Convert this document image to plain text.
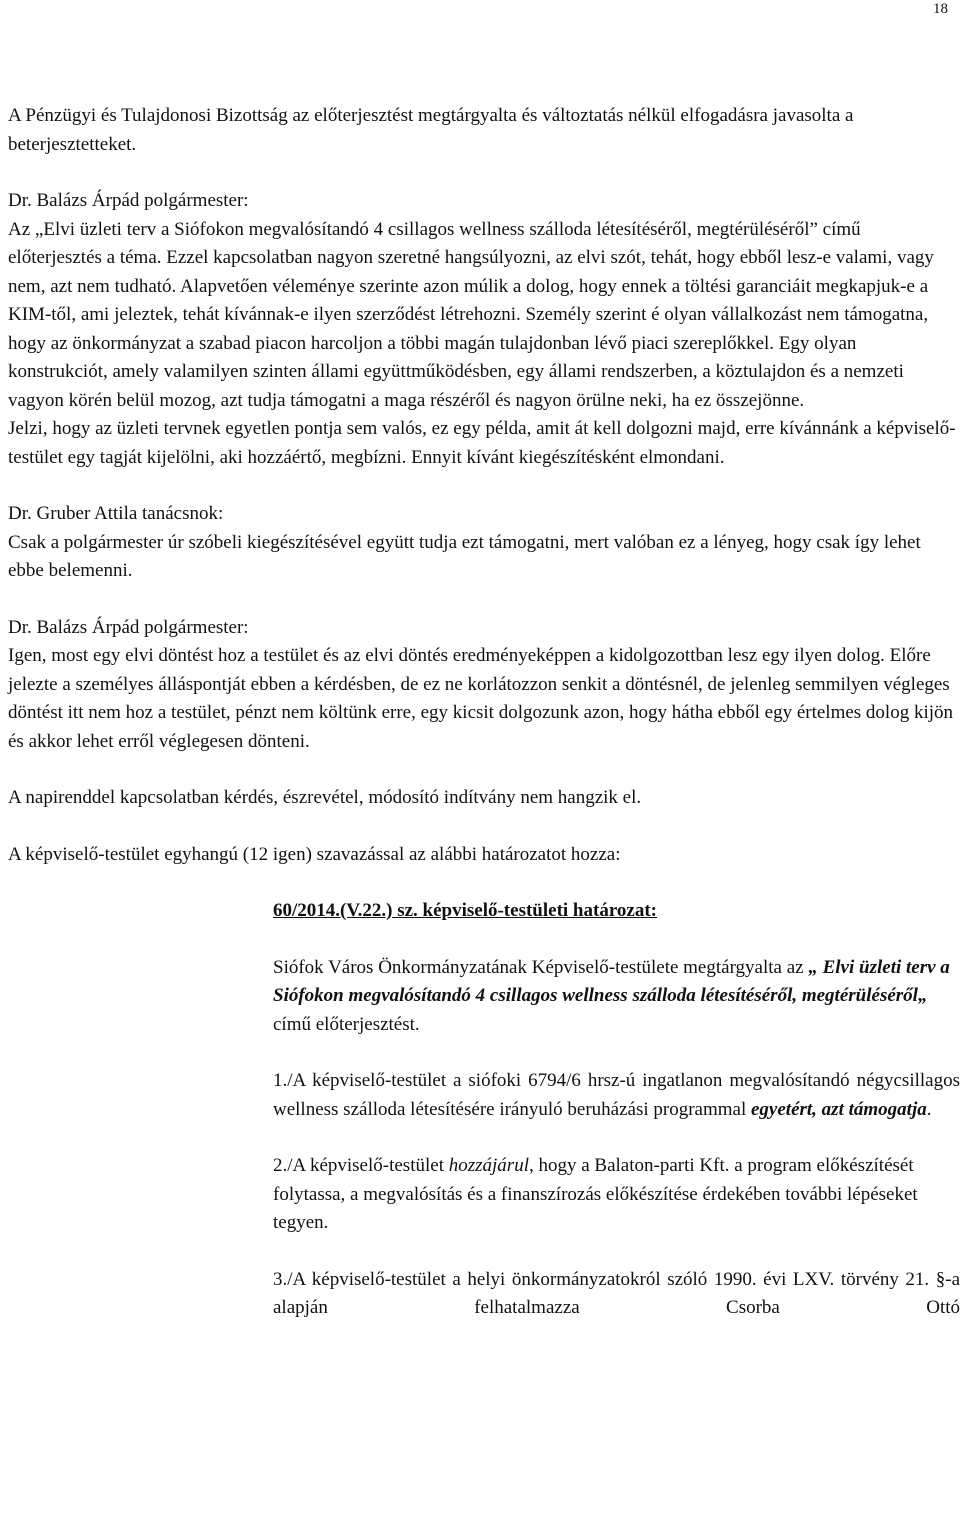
18

A Pénzügyi és Tulajdonosi Bizottság az előterjesztést megtárgyalta és változtatás nélkül elfogadásra javasolta a beterjesztetteket.

Dr. Balázs Árpád polgármester:

Az „Elvi üzleti terv a Siófokon megvalósítandó 4 csillagos wellness szálloda létesítéséről, megtérüléséről” című előterjesztés a téma. Ezzel kapcsolatban nagyon szeretné hangsúlyozni, az elvi szót, tehát, hogy ebből lesz-e valami, vagy nem, azt nem tudható. Alapvetően véleménye szerinte azon múlik a dolog, hogy ennek a töltési garanciáit megkapjuk-e a KIM-től, ami jeleztek, tehát kívánnak-e ilyen szerződést létrehozni. Személy szerint é olyan vállalkozást nem támogatna, hogy az önkormányzat a szabad piacon harcoljon a többi magán tulajdonban lévő piaci szereplőkkel. Egy olyan konstrukciót, amely valamilyen szinten állami együttműködésben, egy állami rendszerben, a köztulajdon és a nemzeti vagyon körén belül mozog, azt tudja támogatni a maga részéről és nagyon örülne neki, ha ez összejönne.

Jelzi, hogy az üzleti tervnek egyetlen pontja sem valós, ez egy példa, amit át kell dolgozni majd, erre kívánnánk a képviselő-testület egy tagját kijelölni, aki hozzáértő, megbízni. Ennyit kívánt kiegészítésként elmondani.

Dr. Gruber Attila tanácsnok:

Csak a polgármester úr szóbeli kiegészítésével együtt tudja ezt támogatni, mert valóban ez a lényeg, hogy csak így lehet ebbe belemenni.

Dr. Balázs Árpád polgármester:

Igen, most egy elvi döntést hoz a testület és az elvi döntés eredményeképpen a kidolgozottban lesz egy ilyen dolog. Előre jelezte a személyes álláspontját ebben a kérdésben, de ez ne korlátozzon senkit a döntésnél, de jelenleg semmilyen végleges döntést itt nem hoz a testület, pénzt nem költünk erre, egy kicsit dolgozunk azon, hogy hátha ebből egy értelmes dolog kijön és akkor lehet erről véglegesen dönteni.

A napirenddel kapcsolatban kérdés, észrevétel, módosító indítvány nem hangzik el.

A képviselő-testület egyhangú (12 igen) szavazással az alábbi határozatot hozza:

60/2014.(V.22.) sz. képviselő-testületi határozat:

Siófok Város Önkormányzatának Képviselő-testülete megtárgyalta az „ Elvi üzleti terv a Siófokon megvalósítandó 4 csillagos wellness szálloda létesítéséről, megtérüléséről„ című előterjesztést.

1./A képviselő-testület a siófoki 6794/6 hrsz-ú ingatlanon megvalósítandó négycsillagos wellness szálloda létesítésére irányuló beruházási programmal egyetért, azt támogatja.

2./A képviselő-testület hozzájárul, hogy a Balaton-parti Kft. a program előkészítését folytassa, a megvalósítás és a finanszírozás előkészítése érdekében további lépéseket tegyen.

3./A képviselő-testület a helyi önkormányzatokról szóló 1990. évi LXV. törvény 21. §-a alapján felhatalmazza Csorba Ottó
